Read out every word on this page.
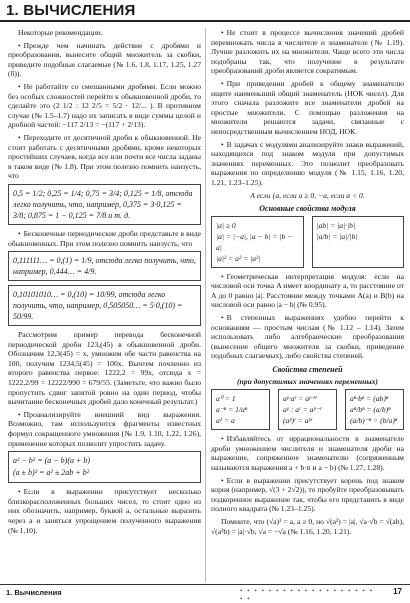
1. ВЫЧИСЛЕНИЯ

Некоторые рекомендации.

• Прежде чем начинать действие с дробями и преобразования, вынесите общий множитель за скобки, приведите подобные слагаемые (№ 1.6, 1.8, 1.17, 1.25, 1.27 (б)).

• Не работайте со смешанными дробями. Если можно без особых сложностей перейти к обыкновенной дроби, то сделайте это (2 1/2 : 12 2/5 = 5/2 · 12/... ). В противном случае (№ 1.5–1.7) надо их записать в виде суммы целой и дробной частей: −117 2/13 = −(117 + 2/13).

• Переходите от десятичной дроби к обыкновенной. Не стоит работать с десятичными дробями, кроме некоторых простейших случаев, когда все или почти все числа заданы в таком виде (№ 1.8). При этом полезно помнить наизусть, что

0,5 = 1/2; 0,25 = 1/4; 0,75 = 3/4; 0,125 = 1/8, отсюда легко получить, что, например, 0,375 = 3·0,125 = 3/8; 0,875 = 1 − 0,125 = 7/8 и т. д.

• Бесконечные периодические дроби представьте в виде обыкновенных. При этом полезно помнить наизусть, что

0,111111… = 0,(1) = 1/9, отсюда легко получить, что, например, 0,444… = 4/9.
0,10101010… = 0,(10) = 10/99, отсюда легко получить, что, например, 0,505050… = 5·0,(10) = 50/99.

Рассмотрим пример перевода бесконечной периодической дроби 123,(45) в обыкновенной дроби. Обозначим 12,3(45) = x, умножим обе части равенства на 100, получим 1234,5(45) = 100x. Вычтем почленно из второго равенства первое: 1222,2 = 99x, отсюда x = 1222,2/99 = 12222/990 = 679/55. (Заметьте, что важно было пропустить сдвиг запятой ровно на один период, чтобы вычитание бесконечных дробей дало конечный результат.)

• Проанализируйте внешний вид выражения. Возможно, там используются фрагменты известных формул сокращенного умножения (№ 1.9, 1.10, 1.22, 1.26), применение которых позволит упростить задачу.

a² − b² = (a − b)(a + b)
(a ± b)² = a² ± 2ab + b²

• Если в выражении присутствует несколько близкорасположенных больших чисел, то стоит одно из них обозначить, например, буквой a, остальные выразить через a и заняться упрощением полученного выражения (№ 1.10).

• Не стоит в процессе вычисления значений дробей перемножать числа в числителе и знаменателе (№ 1.19). Лучше разложить их на множители. Чаще всего эти числа подобраны так, что получение в результате преобразований дроби является сократимым.

• При приведении дробей к общему знаменателю ищите наименьший общий знаменатель (НОК чисел). Для этого сначала разложите все знаменатели дробей на простые множители. С помощью разложения на множители решаются задачи, связанные с непосредственным вычислением НОД, НОК.

• В задачах с модулями анализируйте знаки выражений, находящихся под знаком модуля при допустимых значениях переменных. Это позволит преобразовать выражения по определению модуля (№ 1.15, 1.16, 1.20, 1.21, 1.23–1.25).

A если {a, если a ≥ 0, −a, если a < 0.
Основные свойства модуля
|a| ≥ 0
|a| = |−a|, |a − b| = |b − a|
|a|² = a² = |a²|
|ab| = |a|·|b|
|a/b| = |a|/|b|

• Геометрическая интерпретация модуля: если на числовой оси точка A имеет координату a, то расстояние от A до 0 равно |a|. Расстояние между точками A(a) и B(b) на числовой оси равно |a − b| (№ 0.95).

• В степенных выражениях удобно перейти к основаниям — простым числам (№ 1.12 – 1.14). Затем использовать либо алгебраические преобразования (вынесение общего множителя за скобки, приведение подобных слагаемых), либо свойства степеней.

Свойства степеней
(при допустимых значениях переменных)
a⁰ = 1
a⁻ⁿ = 1/aⁿ
a¹ = a
aᵖ·aʳ = aᵖ⁺ʳ
aᵖ : aʳ = aᵖ⁻ʳ
(aᵖ)ʳ = aᵖʳ
aⁿ·bⁿ = (ab)ⁿ
aⁿ/bⁿ = (a/b)ⁿ
(a/b)⁻ⁿ = (b/a)ⁿ

• Избавляйтесь от иррациональности в знаменателе дроби умножением числителя и знаменателя дроби на выражение, сопряженное знаменателю (сопряженным называются выражения a + b·n и a − b) (№ 1.27, 1.28).

• Если в выражении присутствует корень под знаком корня (например, √(3 + 2√2)), то пробуйте преобразовывать подкоренное выражение так, чтобы его представить в виде полного квадрата (№ 1.23–1.25).

Помните, что (√a)² = a, a ≥ 0, но √(a²) = |a|, √a·√b = √(ab), √(a²b) = |a|·√b, √a = −√a (№ 1.16, 1.20, 1.21).

1. Вычисления	• • • • • • • • • • • • • • • • • • • • •
17
